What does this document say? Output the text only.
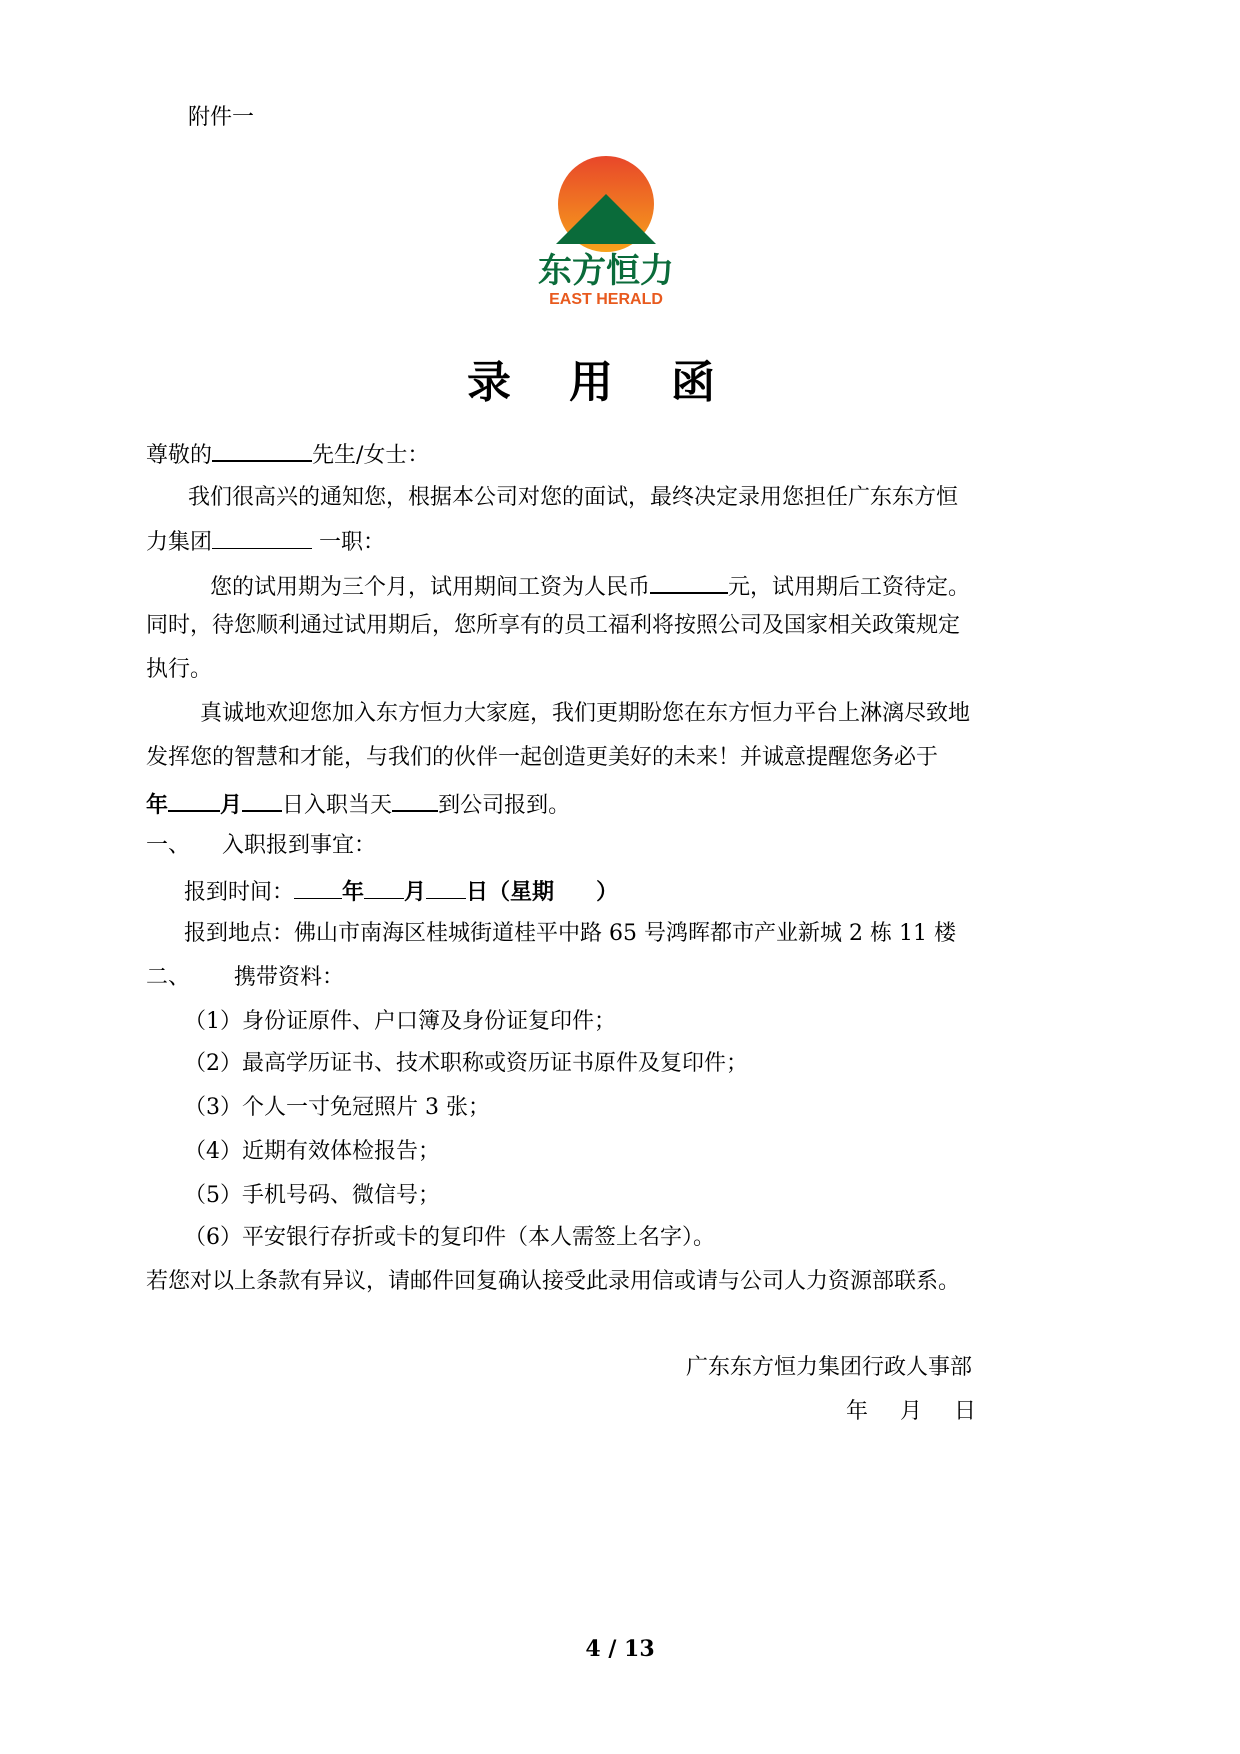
附件一
东方恒力
EAST HERALD
录用函
尊敬的	先生/女士：
我们很高兴的通知您，根据本公司对您的面试，最终决定录用您担任广东东方恒
力集团	一职：
您的试用期为三个月，试用期间工资为人民币	元，试用期后工资待定。
同时，待您顺利通过试用期后，您所享有的员工福利将按照公司及国家相关政策规定
执行。
真诚地欢迎您加入东方恒力大家庭，我们更期盼您在东方恒力平台上淋漓尽致地
发挥您的智慧和才能，与我们的伙伴一起创造更美好的未来！并诚意提醒您务必于
年 月 日入职当天 到公司报到。
一、 入职报到事宜：
报到时间： 年 月 日（星期 ）
报到地点：佛山市南海区桂城街道桂平中路 65 号鸿晖都市产业新城 2 栋 11 楼
二、 携带资料：
（1）身份证原件、户口簿及身份证复印件；
（2）最高学历证书、技术职称或资历证书原件及复印件；
（3）个人一寸免冠照片 3 张；
（4）近期有效体检报告；
（5）手机号码、微信号；
（6）平安银行存折或卡的复印件（本人需签上名字）。
若您对以上条款有异议，请邮件回复确认接受此录用信或请与公司人力资源部联系。
广东东方恒力集团行政人事部
年 月 日
4 / 13
